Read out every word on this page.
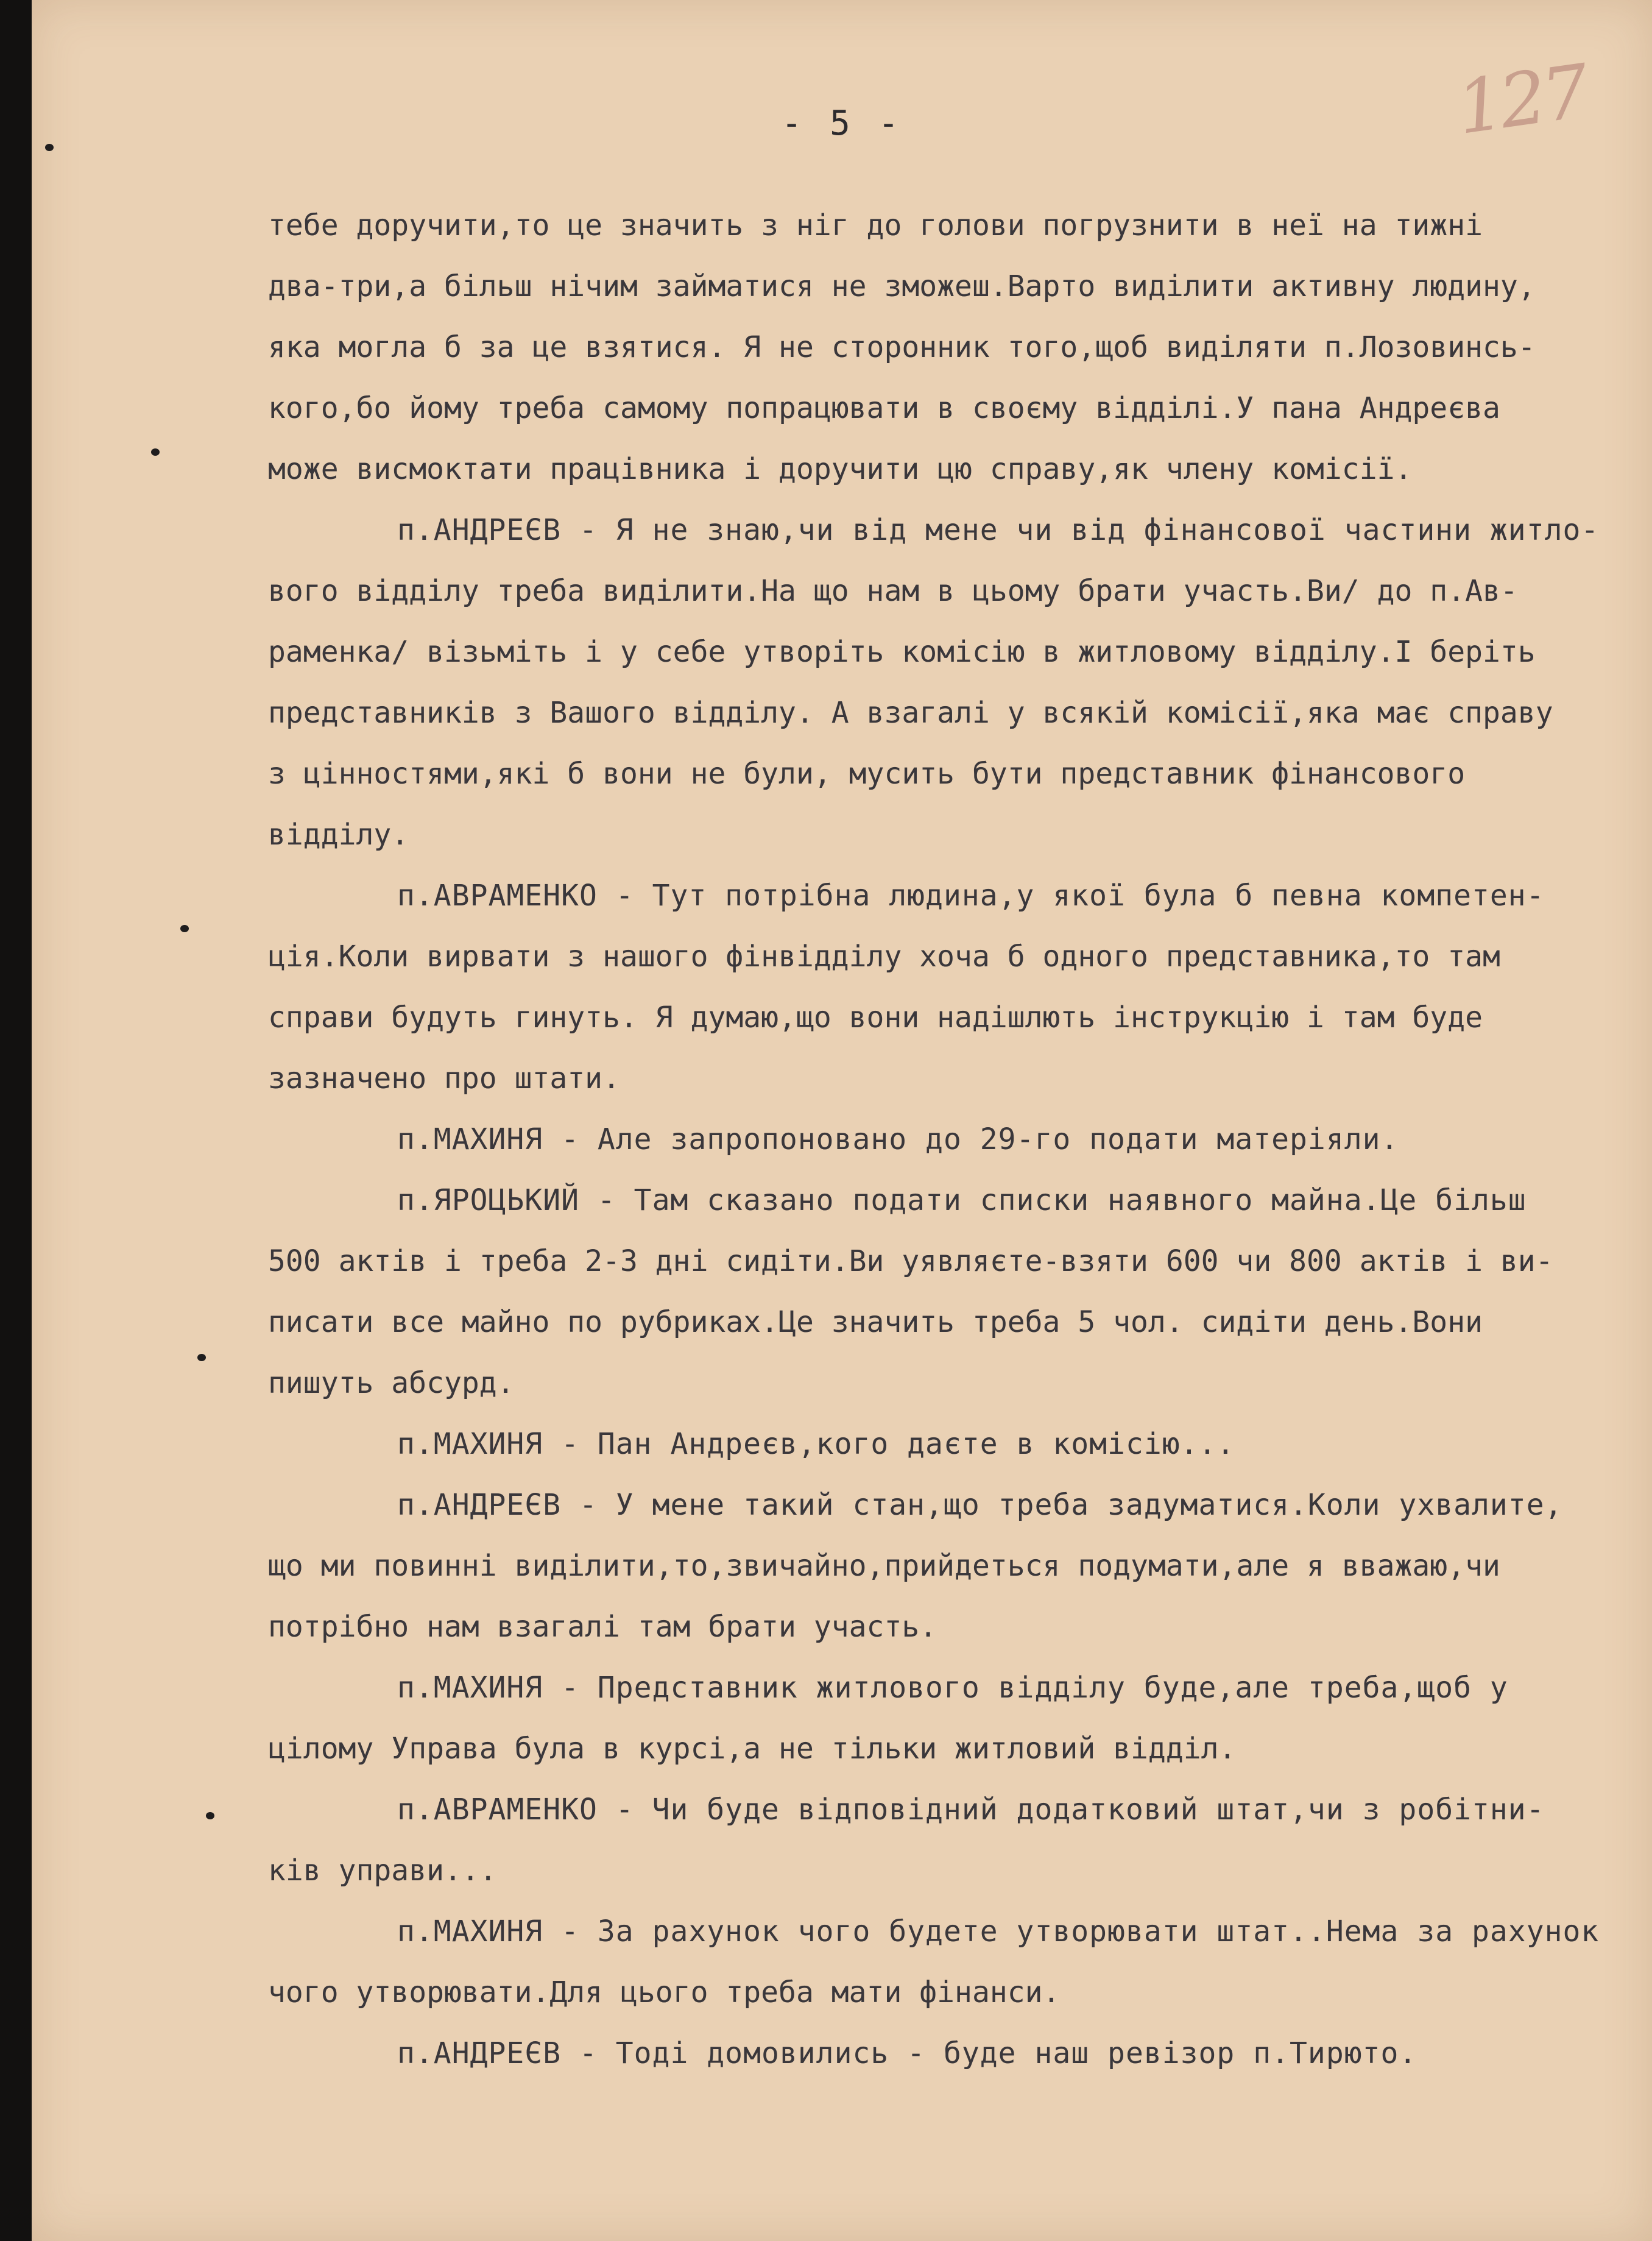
- 5 -	127
тебе доручити,то це значить з ніг до голови погрузнити в неї на тижні
два-три,а більш нічим займатися не зможеш.Варто виділити активну людину,
яка могла б за це взятися. Я не сторонник того,щоб виділяти п.Лозовинсь-
кого,бо йому треба самому попрацювати в своєму відділі.У пана Андреєва
може висмоктати працівника і доручити цю справу,як члену комісії.
п.АНДРЕЄВ - Я не знаю,чи від мене чи від фінансової частини житло-
вого відділу треба виділити.На що нам в цьому брати участь.Ви/ до п.Ав-
раменка/ візьміть і у себе утворіть комісію в житловому відділу.І беріть
представників з Вашого відділу. А взагалі у всякій комісії,яка має справу
з цінностями,які б вони не були, мусить бути представник фінансового
відділу.
п.АВРАМЕНКО - Тут потрібна людина,у якої була б певна компетен-
ція.Коли вирвати з нашого фінвідділу хоча б одного представника,то там
справи будуть гинуть. Я думаю,що вони надішлють інструкцію і там буде
зазначено про штати.
п.МАХИНЯ - Але запропоновано до 29-го подати матеріяли.
п.ЯРОЦЬКИЙ - Там сказано подати списки наявного майна.Це більш
500 актів і треба 2-3 дні сидіти.Ви уявляєте-взяти 600 чи 800 актів і ви-
писати все майно по рубриках.Це значить треба 5 чол. сидіти день.Вони
пишуть абсурд.
п.МАХИНЯ - Пан Андреєв,кого даєте в комісію...
п.АНДРЕЄВ - У мене такий стан,що треба задуматися.Коли ухвалите,
що ми повинні виділити,то,звичайно,прийдеться подумати,але я вважаю,чи
потрібно нам взагалі там брати участь.
п.МАХИНЯ - Представник житлового відділу буде,але треба,щоб у
цілому Управа була в курсі,а не тільки житловий відділ.
п.АВРАМЕНКО - Чи буде відповідний додатковий штат,чи з робітни-
ків управи...
п.МАХИНЯ - За рахунок чого будете утворювати штат..Нема за рахунок
чого утворювати.Для цього треба мати фінанси.
п.АНДРЕЄВ - Тоді домовились - буде наш ревізор п.Тирюто.
